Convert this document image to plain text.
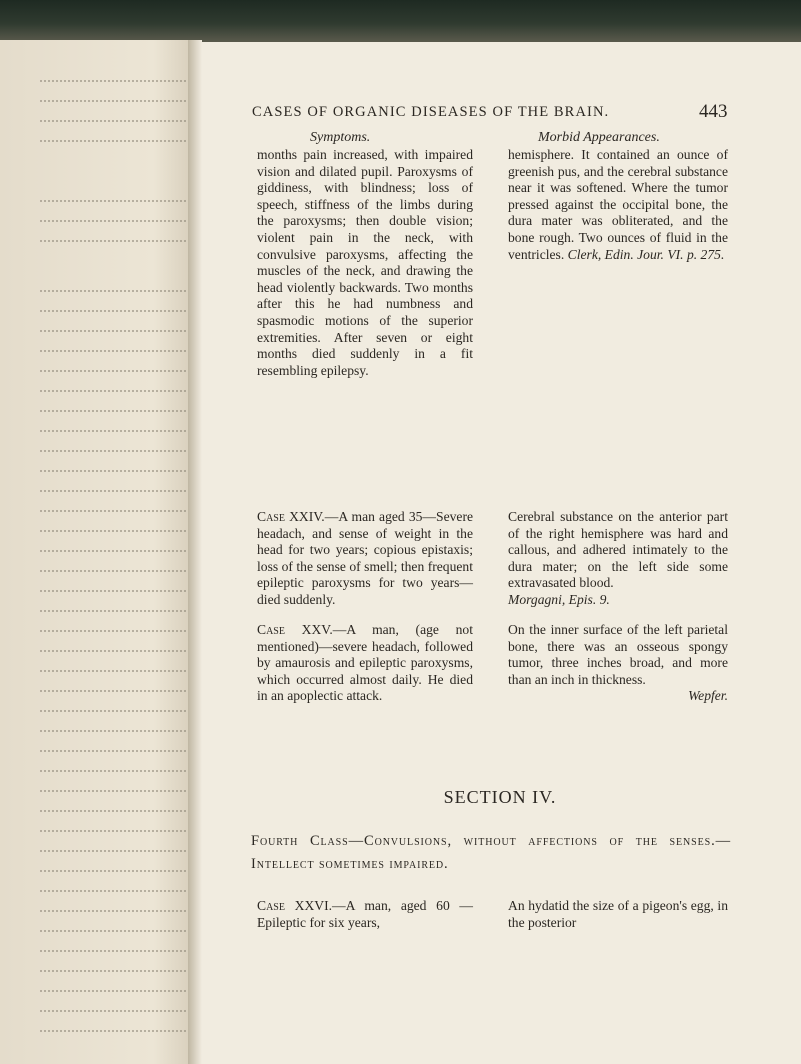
CASES OF ORGANIC DISEASES OF THE BRAIN.	443
Symptoms.	Morbid Appearances.
months pain increased, with impaired vision and dilated pupil. Paroxysms of giddiness, with blindness; loss of speech, stiffness of the limbs during the paroxysms; then double vision; violent pain in the neck, with convulsive paroxysms, affecting the muscles of the neck, and drawing the head violently backwards. Two months after this he had numbness and spasmodic motions of the superior extremities. After seven or eight months died suddenly in a fit resembling epilepsy.
hemisphere. It contained an ounce of greenish pus, and the cerebral substance near it was softened. Where the tumor pressed against the occipital bone, the dura mater was obliterated, and the bone rough. Two ounces of fluid in the ventricles. Clerk, Edin. Jour. VI. p. 275.
Case XXIV.—A man aged 35—Severe headach, and sense of weight in the head for two years; copious epistaxis; loss of the sense of smell; then frequent epileptic paroxysms for two years—died suddenly.
Cerebral substance on the anterior part of the right hemisphere was hard and callous, and adhered intimately to the dura mater; on the left side some extravasated blood.
Morgagni, Epis. 9.
Case XXV.—A man, (age not mentioned)—severe headach, followed by amaurosis and epileptic paroxysms, which occurred almost daily. He died in an apoplectic attack.
On the inner surface of the left parietal bone, there was an osseous spongy tumor, three inches broad, and more than an inch in thickness.
Wepfer.
SECTION IV.
Fourth Class—Convulsions, without affections of the senses.—Intellect sometimes impaired.
Case XXVI.—A man, aged 60 — Epileptic for six years,
An hydatid the size of a pigeon's egg, in the posterior
